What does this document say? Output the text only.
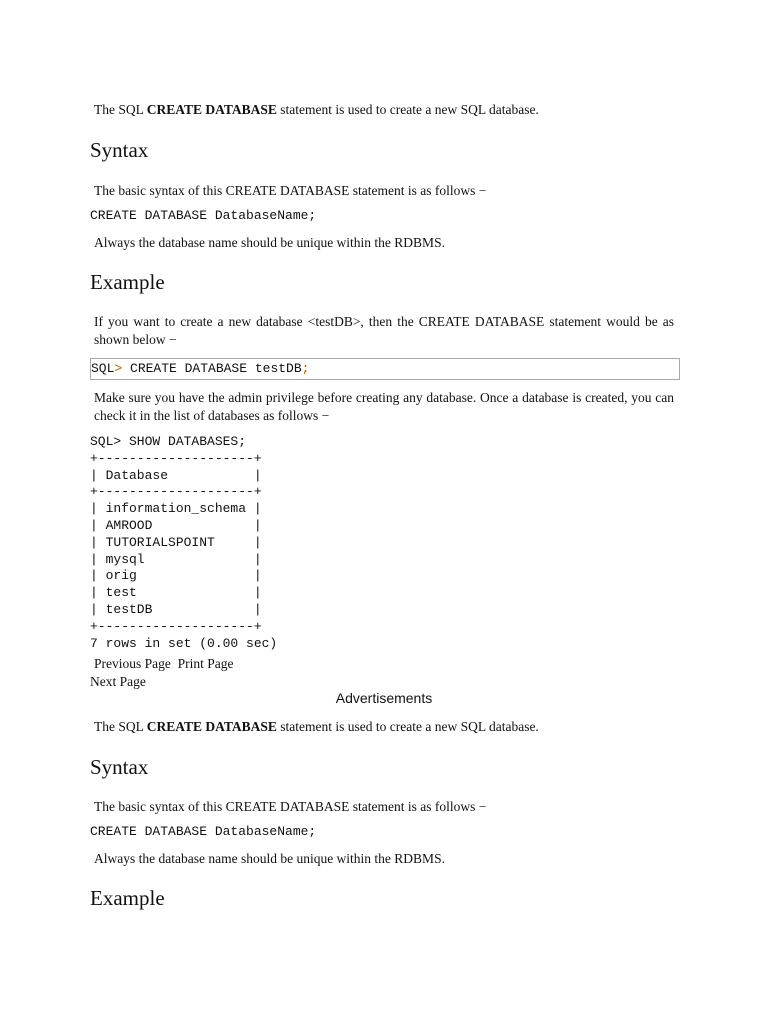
The SQL CREATE DATABASE statement is used to create a new SQL database.
Syntax
The basic syntax of this CREATE DATABASE statement is as follows −
CREATE DATABASE DatabaseName;
Always the database name should be unique within the RDBMS.
Example
If you want to create a new database <testDB>, then the CREATE DATABASE statement would be as shown below −
SQL> CREATE DATABASE testDB;
Make sure you have the admin privilege before creating any database. Once a database is created, you can check it in the list of databases as follows −
SQL> SHOW DATABASES;
+--------------------+
| Database           |
+--------------------+
| information_schema |
| AMROOD             |
| TUTORIALSPOINT     |
| mysql              |
| orig               |
| test               |
| testDB             |
+--------------------+
7 rows in set (0.00 sec)
Previous Page Print Page
Next Page
Advertisements
The SQL CREATE DATABASE statement is used to create a new SQL database.
Syntax
The basic syntax of this CREATE DATABASE statement is as follows −
CREATE DATABASE DatabaseName;
Always the database name should be unique within the RDBMS.
Example
